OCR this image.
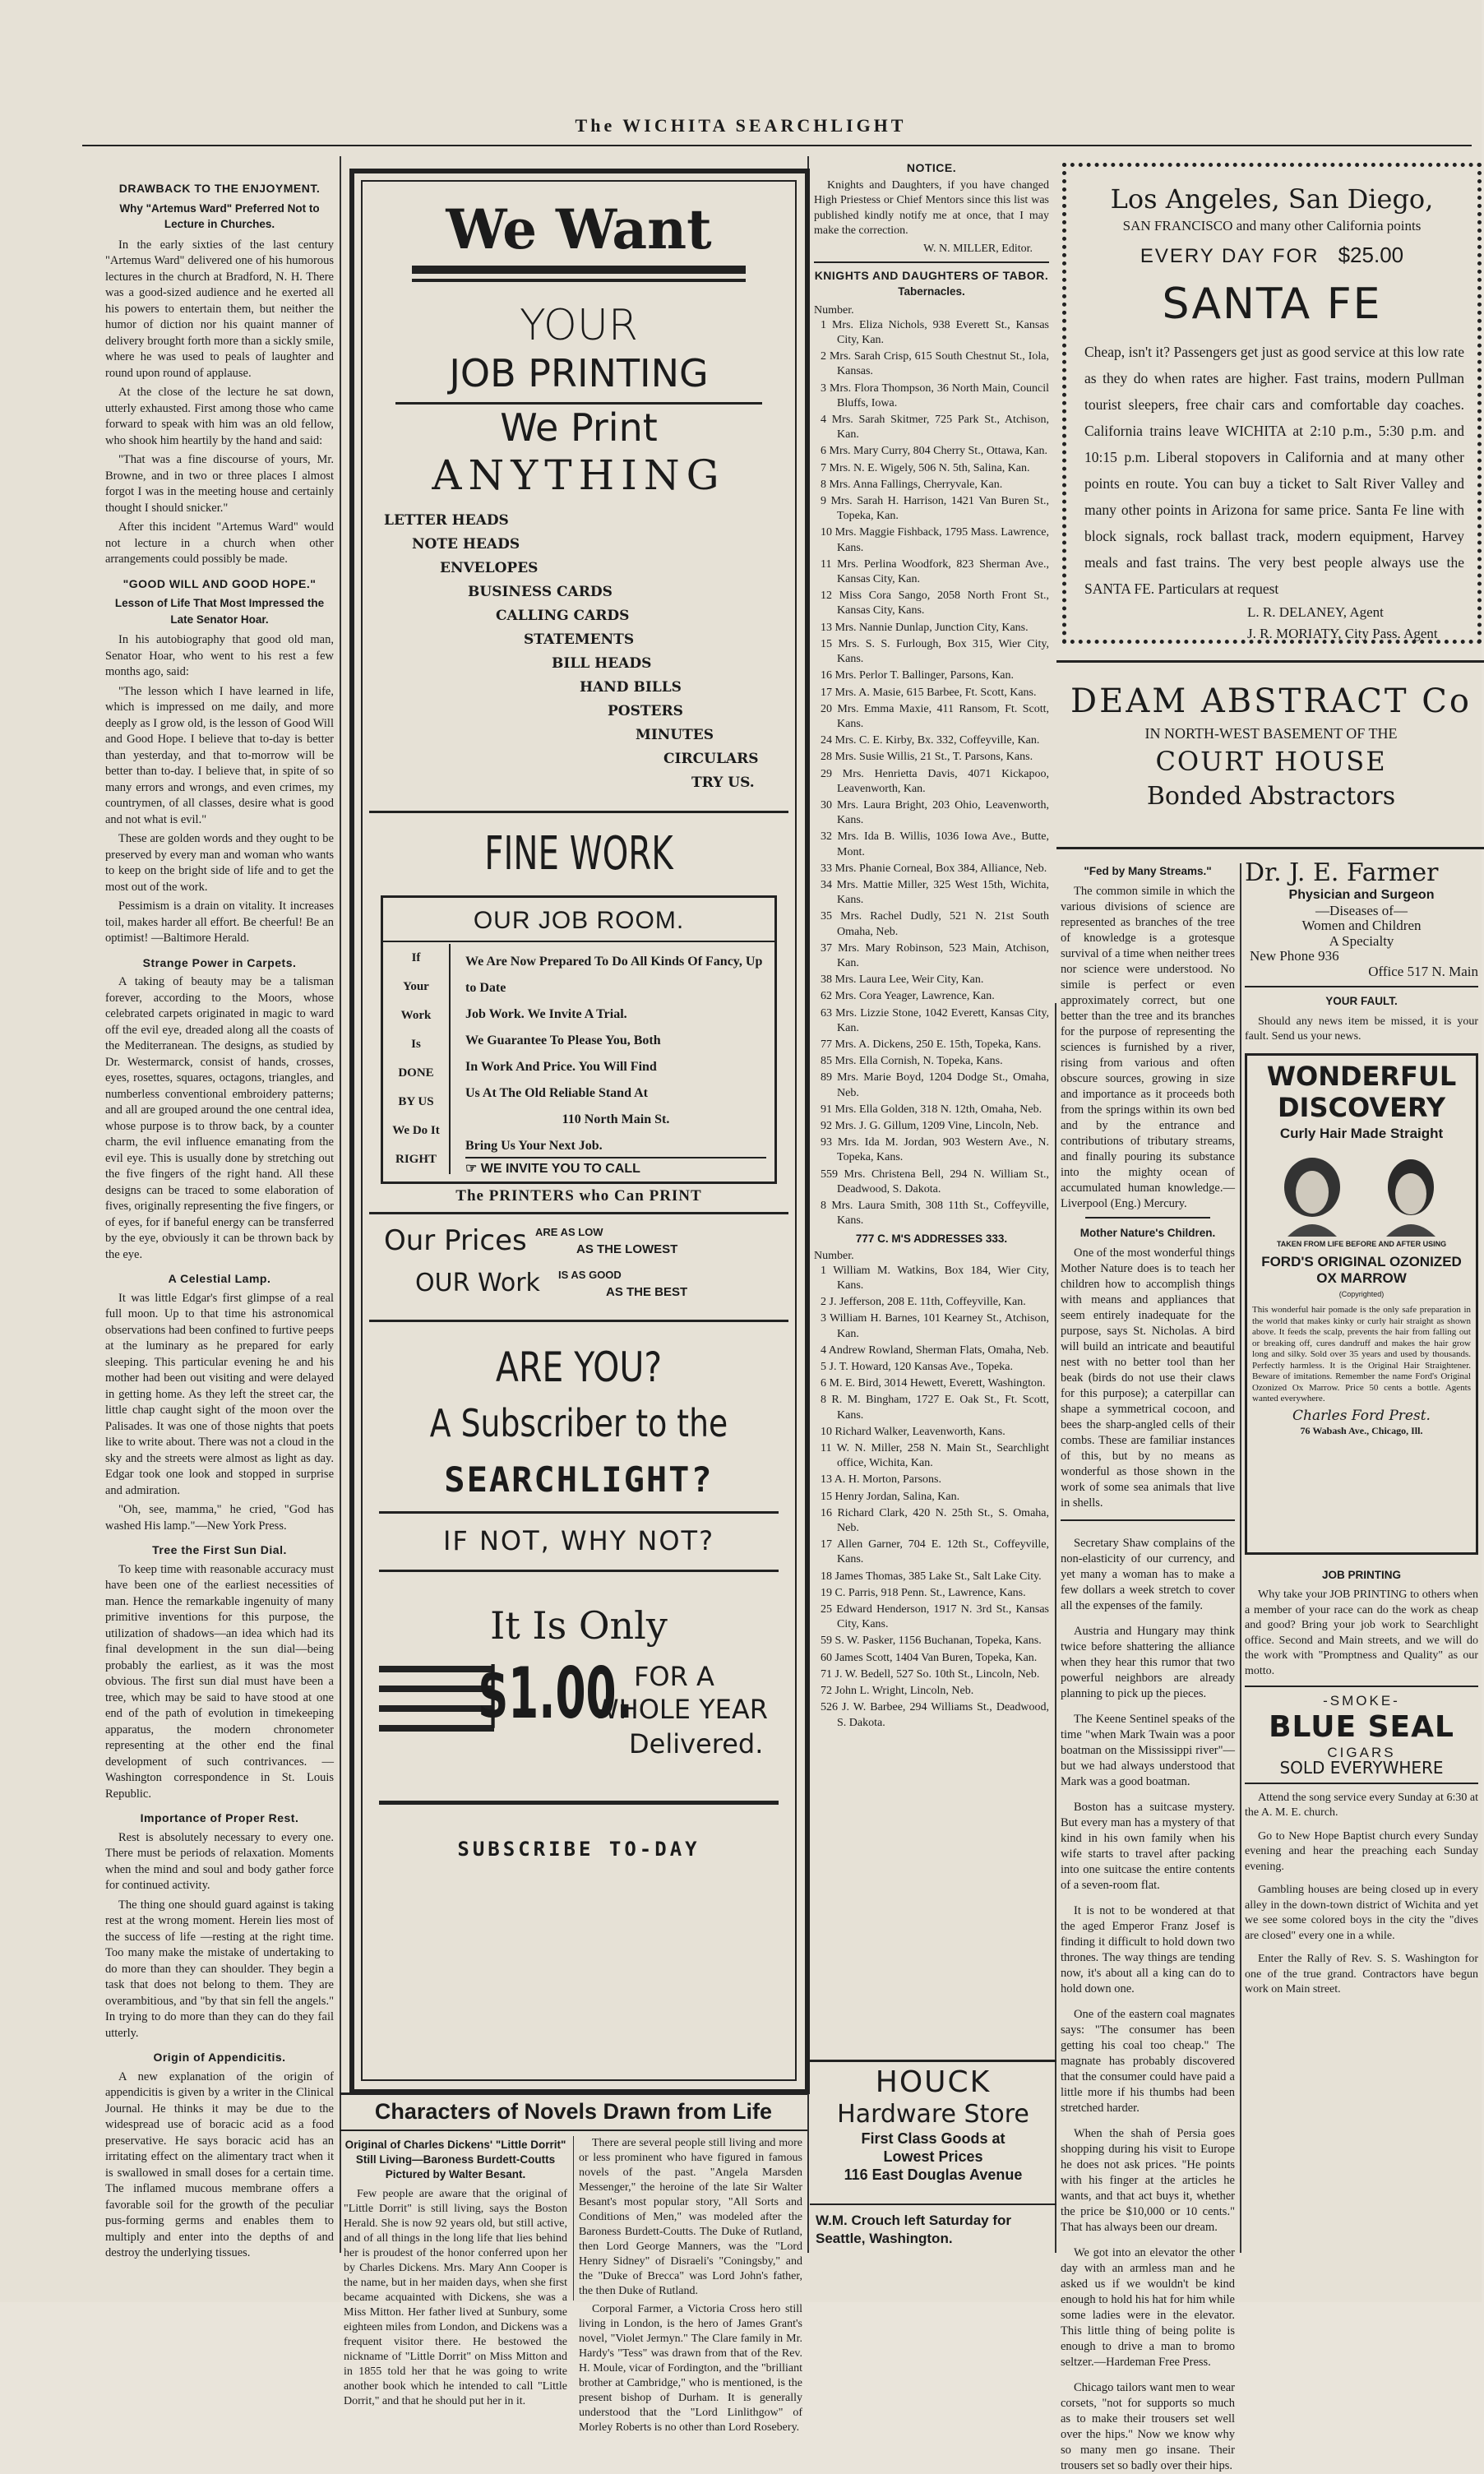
The WICHITA SEARCHLIGHT
DRAWBACK TO THE ENJOYMENT.
Why "Artemus Ward" Preferred Not to Lecture in Churches.

In the early sixties of the last century "Artemus Ward" delivered one of his humorous lectures in the church at Bradford, N. H. There was a good-sized audience and he exerted all his powers to entertain them, but neither the humor of diction nor his quaint manner of delivery brought forth more than a sickly smile, where he was used to peals of laughter and round upon round of applause.

At the close of the lecture he sat down, utterly exhausted. First among those who came forward to speak with him was an old fellow, who shook him heartily by the hand and said:

"That was a fine discourse of yours, Mr. Browne, and in two or three places I almost forgot I was in the meeting house and certainly thought I should snicker."

After this incident "Artemus Ward" would not lecture in a church when other arrangements could possibly be made.

"GOOD WILL AND GOOD HOPE."
Lesson of Life That Most Impressed the Late Senator Hoar.

In his autobiography that good old man, Senator Hoar, who went to his rest a few months ago, said:

"The lesson which I have learned in life, which is impressed on me daily, and more deeply as I grow old, is the lesson of Good Will and Good Hope. I believe that to-day is better than yesterday, and that to-morrow will be better than to-day. I believe that, in spite of so many errors and wrongs, and even crimes, my countrymen, of all classes, desire what is good and not what is evil."

These are golden words and they ought to be preserved by every man and woman who wants to keep on the bright side of life and to get the most out of the work.

Pessimism is a drain on vitality. It increases toil, makes harder all effort. Be cheerful! Be an optimist! —Baltimore Herald.

Strange Power in Carpets.

A taking of beauty may be a talisman forever, according to the Moors, whose celebrated carpets originated in magic to ward off the evil eye, dreaded along all the coasts of the Mediterranean. The designs, as studied by Dr. Westermarck, consist of hands, crosses, eyes, rosettes, squares, octagons, triangles, and numberless conventional embroidery patterns; and all are grouped around the one central idea, whose purpose is to throw back, by a counter charm, the evil influence emanating from the evil eye. This is usually done by stretching out the five fingers of the right hand. All these designs can be traced to some elaboration of fives, originally representing the five fingers, or of eyes, for if baneful energy can be transferred by the eye, obviously it can be thrown back by the eye.

A Celestial Lamp.

It was little Edgar's first glimpse of a real full moon. Up to that time his astronomical observations had been confined to furtive peeps at the luminary as he prepared for early sleeping. This particular evening he and his mother had been out visiting and were delayed in getting home. As they left the street car, the little chap caught sight of the moon over the Palisades. It was one of those nights that poets like to write about. There was not a cloud in the sky and the streets were almost as light as day. Edgar took one look and stopped in surprise and admiration.

"Oh, see, mamma," he cried, "God has washed His lamp."—New York Press.

Tree the First Sun Dial.

To keep time with reasonable accuracy must have been one of the earliest necessities of man. Hence the remarkable ingenuity of many primitive inventions for this purpose, the utilization of shadows—an idea which had its final development in the sun dial—being probably the earliest, as it was the most obvious. The first sun dial must have been a tree, which may be said to have stood at one end of the path of evolution in timekeeping apparatus, the modern chronometer representing at the other end the final development of such contrivances. — Washington correspondence in St. Louis Republic.

Importance of Proper Rest.

Rest is absolutely necessary to every one. There must be periods of relaxation. Moments when the mind and soul and body gather force for continued activity.

The thing one should guard against is taking rest at the wrong moment. Herein lies most of the success of life —resting at the right time. Too many make the mistake of undertaking to do more than they can shoulder. They begin a task that does not belong to them. They are overambitious, and "by that sin fell the angels." In trying to do more than they can do they fail utterly.

Origin of Appendicitis.

A new explanation of the origin of appendicitis is given by a writer in the Clinical Journal. He thinks it may be due to the widespread use of boracic acid as a food preservative. He says boracic acid has an irritating effect on the alimentary tract when it is swallowed in small doses for a certain time. The inflamed mucous membrane offers a favorable soil for the growth of the peculiar pus-forming germs and enables them to multiply and enter into the depths of and destroy the underlying tissues.

We Want
YOUR
JOB PRINTING
We Print
ANYTHING
LETTER HEADS
NOTE HEADS
ENVELOPES
BUSINESS CARDS
CALLING CARDS
STATEMENTS
BILL HEADS
HAND BILLS
POSTERS
MINUTES
CIRCULARS
TRY US.
FINE WORK
OUR JOB ROOM.
If
Your
Work
Is
DONE
BY US
We Do It
RIGHT
We Are Now Prepared To Do All Kinds Of Fancy, Up to Date
Job Work. We Invite A Trial.
We Guarantee To Please You, Both
In Work And Price. You Will Find
Us At The Old Reliable Stand At
110 North Main St.
Bring Us Your Next Job.
☞ WE INVITE YOU TO CALL
The PRINTERS who Can PRINT
Our Prices ARE AS LOW
AS THE LOWEST
OUR Work IS AS GOOD
AS THE BEST
ARE YOU?
A Subscriber to the
SEARCHLIGHT?
IF NOT, WHY NOT?
It Is Only
$1.00. FOR A
WHOLE YEAR
Delivered.
SUBSCRIBE TO-DAY
Characters of Novels Drawn from Life
Original of Charles Dickens' "Little Dorrit" Still Living—Baroness Burdett-Coutts Pictured by Walter Besant.

Few people are aware that the original of "Little Dorrit" is still living, says the Boston Herald. She is now 92 years old, but still active, and of all things in the long life that lies behind her is proudest of the honor conferred upon her by Charles Dickens. Mrs. Mary Ann Cooper is the name, but in her maiden days, when she first became acquainted with Dickens, she was a Miss Mitton. Her father lived at Sunbury, some eighteen miles from London, and Dickens was a frequent visitor there. He bestowed the nickname of "Little Dorrit" on Miss Mitton and in 1855 told her that he was going to write another book which he intended to call "Little Dorrit," and that he should put her in it.

There are several people still living and more or less prominent who have figured in famous novels of the past. "Angela Marsden Messenger," the heroine of the late Sir Walter Besant's most popular story, "All Sorts and Conditions of Men," was modeled after the Baroness Burdett-Coutts. The Duke of Rutland, then Lord George Manners, was the "Lord Henry Sidney" of Disraeli's "Coningsby," and the "Duke of Brecca" was Lord John's father, the then Duke of Rutland.

Corporal Farmer, a Victoria Cross hero still living in London, is the hero of James Grant's novel, "Violet Jermyn." The Clare family in Mr. Hardy's "Tess" was drawn from that of the Rev. H. Moule, vicar of Fordington, and the "brilliant brother at Cambridge," who is mentioned, is the present bishop of Durham. It is generally understood that the "Lord Linlithgow" of Morley Roberts is no other than Lord Rosebery.

NOTICE.

Knights and Daughters, if you have changed High Priestess or Chief Mentors since this list was published kindly notify me at once, that I may make the correction.

W. N. MILLER, Editor.
KNIGHTS AND DAUGHTERS OF TABOR.
Tabernacles.
Number.
1 Mrs. Eliza Nichols, 938 Everett St., Kansas City, Kan.
2 Mrs. Sarah Crisp, 615 South Chestnut St., Iola, Kansas.
3 Mrs. Flora Thompson, 36 North Main, Council Bluffs, Iowa.
4 Mrs. Sarah Skitmer, 725 Park St., Atchison, Kan.
6 Mrs. Mary Curry, 804 Cherry St., Ottawa, Kan.
7 Mrs. N. E. Wigely, 506 N. 5th, Salina, Kan.
8 Mrs. Anna Fallings, Cherryvale, Kan.
9 Mrs. Sarah H. Harrison, 1421 Van Buren St., Topeka, Kan.
10 Mrs. Maggie Fishback, 1795 Mass. Lawrence, Kans.
11 Mrs. Perlina Woodfork, 823 Sherman Ave., Kansas City, Kan.
12 Miss Cora Sango, 2058 North Front St., Kansas City, Kans.
13 Mrs. Nannie Dunlap, Junction City, Kans.
15 Mrs. S. S. Furlough, Box 315, Wier City, Kans.
16 Mrs. Perlor T. Ballinger, Parsons, Kan.
17 Mrs. A. Masie, 615 Barbee, Ft. Scott, Kans.
20 Mrs. Emma Maxie, 411 Ransom, Ft. Scott, Kans.
24 Mrs. C. E. Kirby, Bx. 332, Coffeyville, Kan.
28 Mrs. Susie Willis, 21 St., T. Parsons, Kans.
29 Mrs. Henrietta Davis, 4071 Kickapoo, Leavenworth, Kan.
30 Mrs. Laura Bright, 203 Ohio, Leavenworth, Kans.
32 Mrs. Ida B. Willis, 1036 Iowa Ave., Butte, Mont.
33 Mrs. Phanie Corneal, Box 384, Alliance, Neb.
34 Mrs. Mattie Miller, 325 West 15th, Wichita, Kans.
35 Mrs. Rachel Dudly, 521 N. 21st South Omaha, Neb.
37 Mrs. Mary Robinson, 523 Main, Atchison, Kan.
38 Mrs. Laura Lee, Weir City, Kan.
62 Mrs. Cora Yeager, Lawrence, Kan.
63 Mrs. Lizzie Stone, 1042 Everett, Kansas City, Kan.
77 Mrs. A. Dickens, 250 E. 15th, Topeka, Kans.
85 Mrs. Ella Cornish, N. Topeka, Kans.
89 Mrs. Marie Boyd, 1204 Dodge St., Omaha, Neb.
91 Mrs. Ella Golden, 318 N. 12th, Omaha, Neb.
92 Mrs. J. G. Gillum, 1209 Vine, Lincoln, Neb.
93 Mrs. Ida M. Jordan, 903 Western Ave., N. Topeka, Kans.
559 Mrs. Christena Bell, 294 N. William St., Deadwood, S. Dakota.
8 Mrs. Laura Smith, 308 11th St., Coffeyville, Kans.
777 C. M'S ADDRESSES 333.
Number.
1 William M. Watkins, Box 184, Wier City, Kans.
2 J. Jefferson, 208 E. 11th, Coffeyville, Kan.
3 William H. Barnes, 101 Kearney St., Atchison, Kan.
4 Andrew Rowland, Sherman Flats, Omaha, Neb.
5 J. T. Howard, 120 Kansas Ave., Topeka.
6 M. E. Bird, 3014 Hewett, Everett, Washington.
8 R. M. Bingham, 1727 E. Oak St., Ft. Scott, Kans.
10 Richard Walker, Leavenworth, Kans.
11 W. N. Miller, 258 N. Main St., Searchlight office, Wichita, Kan.
13 A. H. Morton, Parsons.
15 Henry Jordan, Salina, Kan.
16 Richard Clark, 420 N. 25th St., S. Omaha, Neb.
17 Allen Garner, 704 E. 12th St., Coffeyville, Kans.
18 James Thomas, 385 Lake St., Salt Lake City.
19 C. Parris, 918 Penn. St., Lawrence, Kans.
25 Edward Henderson, 1917 N. 3rd St., Kansas City, Kans.
59 S. W. Pasker, 1156 Buchanan, Topeka, Kans.
60 James Scott, 1404 Van Buren, Topeka, Kan.
71 J. W. Bedell, 527 So. 10th St., Lincoln, Neb.
72 John L. Wright, Lincoln, Neb.
526 J. W. Barbee, 294 Williams St., Deadwood, S. Dakota.
HOUCK
Hardware Store
First Class Goods at
Lowest Prices
116 East Douglas Avenue
W.M. Crouch left Saturday for Seattle, Washington.
Los Angeles, San Diego,
SAN FRANCISCO and many other California points
EVERY DAY FOR $25.00
SANTA FE
Cheap, isn't it? Passengers get just as good service at this low rate as they do when rates are higher. Fast trains, modern Pullman tourist sleepers, free chair cars and comfortable day coaches. California trains leave WICHITA at 2:10 p.m., 5:30 p.m. and 10:15 p.m. Liberal stopovers in California and at many other points en route. You can buy a ticket to Salt River Valley and many other points in Arizona for same price. Santa Fe line with block signals, rock ballast track, modern equipment, Harvey meals and fast trains. The very best people always use the SANTA FE. Particulars at request
L. R. DELANEY, Agent
J. R. MORIATY, City Pass. Agent
DEAM ABSTRACT Co
IN NORTH-WEST BASEMENT OF THE
COURT HOUSE
Bonded Abstractors
"Fed by Many Streams."

The common simile in which the various divisions of science are represented as branches of the tree of knowledge is a grotesque survival of a time when neither trees nor science were understood. No simile is perfect or even approximately correct, but one better than the tree and its branches for the purpose of representing the sciences is furnished by a river, rising from various and often obscure sources, growing in size and importance as it proceeds both from the springs within its own bed and by the entrance and contributions of tributary streams, and finally pouring its substance into the mighty ocean of accumulated human knowledge.—Liverpool (Eng.) Mercury.

Mother Nature's Children.

One of the most wonderful things Mother Nature does is to teach her children how to accomplish things with means and appliances that seem entirely inadequate for the purpose, says St. Nicholas. A bird will build an intricate and beautiful nest with no better tool than her beak (birds do not use their claws for this purpose); a caterpillar can shape a symmetrical cocoon, and bees the sharp-angled cells of their combs. These are familiar instances of this, but by no means as wonderful as those shown in the work of some sea animals that live in shells.

Secretary Shaw complains of the non-elasticity of our currency, and yet many a woman has to make a few dollars a week stretch to cover all the expenses of the family.

Austria and Hungary may think twice before shattering the alliance when they hear this rumor that two powerful neighbors are already planning to pick up the pieces.

The Keene Sentinel speaks of the time "when Mark Twain was a poor boatman on the Mississippi river"—but we had always understood that Mark was a good boatman.

Boston has a suitcase mystery. But every man has a mystery of that kind in his own family when his wife starts to travel after packing into one suitcase the entire contents of a seven-room flat.

It is not to be wondered at that the aged Emperor Franz Josef is finding it difficult to hold down two thrones. The way things are tending now, it's about all a king can do to hold down one.

One of the eastern coal magnates says: "The consumer has been getting his coal too cheap." The magnate has probably discovered that the consumer could have paid a little more if his thumbs had been stretched harder.

When the shah of Persia goes shopping during his visit to Europe he does not ask prices. "He points with his finger at the articles he wants, and that act buys it, whether the price be $10,000 or 10 cents." That has always been our dream.

We got into an elevator the other day with an armless man and he asked us if we wouldn't be kind enough to hold his hat for him while some ladies were in the elevator. This little thing of being polite is enough to drive a man to bromo seltzer.—Hardeman Free Press.

Chicago tailors want men to wear corsets, "not for supports so much as to make their trousers set well over the hips." Now we know why so many men go insane. Their trousers set so badly over their hips.

Dr. J. E. Farmer
Physician and Surgeon
—Diseases of—
Women and Children
A Specialty
New Phone 936
Office 517 N. Main
YOUR FAULT.

Should any news item be missed, it is your fault. Send us your news.

WONDERFUL
DISCOVERY
Curly Hair Made Straight
TAKEN FROM LIFE BEFORE AND AFTER USING
FORD'S ORIGINAL OZONIZED OX MARROW
(Copyrighted)
This wonderful hair pomade is the only safe preparation in the world that makes kinky or curly hair straight as shown above. It feeds the scalp, prevents the hair from falling out or breaking off, cures dandruff and makes the hair grow long and silky. Sold over 35 years and used by thousands. Perfectly harmless. It is the Original Hair Straightener. Beware of imitations. Remember the name Ford's Original Ozonized Ox Marrow. Price 50 cents a bottle. Agents wanted everywhere.
Charles Ford Prest.
76 Wabash Ave., Chicago, Ill.
JOB PRINTING

Why take your JOB PRINTING to others when a member of your race can do the work as cheap and good? Bring your job work to Searchlight office. Second and Main streets, and we will do the work with "Promptness and Quality" as our motto.

-SMOKE-
BLUE SEAL
CIGARS
SOLD EVERYWHERE

Attend the song service every Sunday at 6:30 at the A. M. E. church.

Go to New Hope Baptist church every Sunday evening and hear the preaching each Sunday evening.

Gambling houses are being closed up in every alley in the down-town district of Wichita and yet we see some colored boys in the city the "dives are closed" every one in a while.

Enter the Rally of Rev. S. S. Washington for one of the true grand. Contractors have begun work on Main street.
